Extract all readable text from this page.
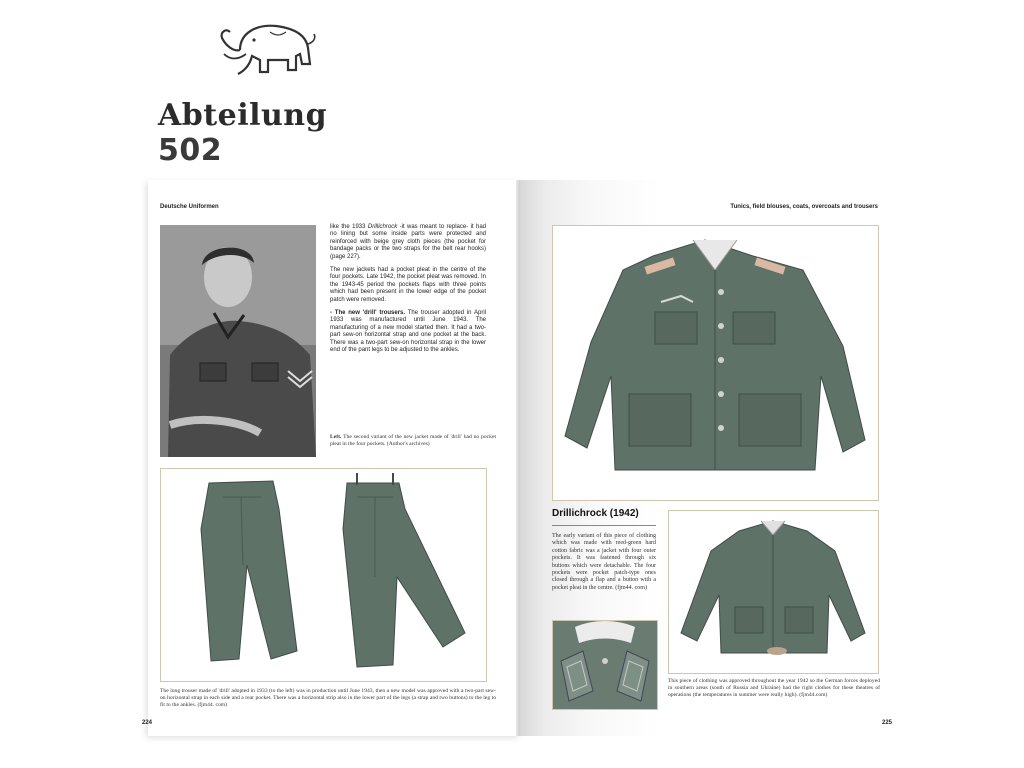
Abteilung 502
Deutsche Uniformen

like the 1933 Drillichrock -it was meant to replace- it had no lining but some inside parts were protected and reinforced with beige grey cloth pieces (the pocket for bandage packs or the two straps for the belt rear hooks) (page 227).

The new jackets had a pocket pleat in the centre of the four pockets. Late 1942, the pocket pleat was removed. In the 1943-45 period the pockets flaps with three points which had been present in the lower edge of the pocket patch were removed.

- The new 'drill' trousers. The trouser adopted in April 1933 was manufactured until June 1943. The manufacturing of a new model started then. It had a two-part sew-on horizontal strap and one pocket at the back. There was a two-part sew-on horizontal strap in the lower end of the pant legs to be adjusted to the ankles.

Left. The second variant of the new jacket made of 'drill' had no pocket pleat in the four pockets. (Author's archives)
The long trouser made of 'drill' adopted in 1933 (to the left) was in production until June 1943, then a new model was approved with a two-part sew-on horizontal strap in each side and a rear pocket. There was a horizontal strip also in the lower part of the legs (a strap and two buttons) to the leg to fit to the ankles. (fjm44. com)
224
Tunics, field blouses, coats, overcoats and trousers
Drillichrock (1942)
The early variant of this piece of clothing which was made with reed-green hard cotton fabric was a jacket with four outer pockets. It was fastened through six buttons which were detachable. The four pockets were pocket patch-type ones closed through a flap and a button with a pocket pleat in the centre. (fjm44. com)
This piece of clothing was approved throughout the year 1942 so the German forces deployed in southern areas (south of Russia and Ukraine) had the right clothes for these theatres of operations (the temperatures in summer were really high). (fjm44.com)
225
